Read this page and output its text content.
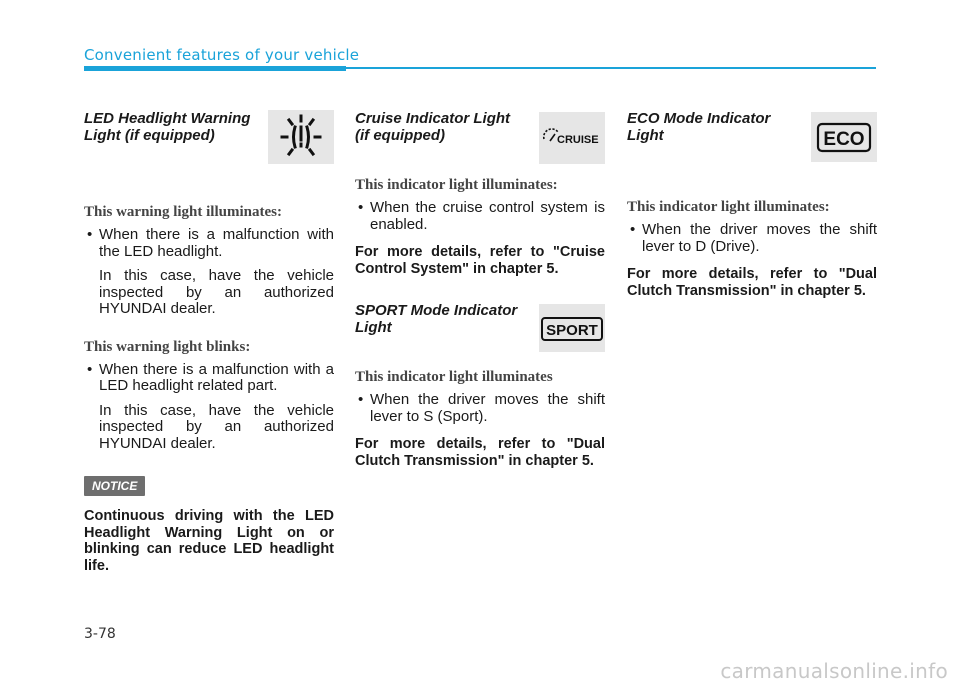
Convenient features of your vehicle
LED Headlight Warning Light (if equipped)

This warning light illuminates:

• When there is a malfunction with the LED headlight.

In this case, have the vehicle inspected by an authorized HYUNDAI dealer.

This warning light blinks:

• When there is a malfunction with a LED headlight related part.

In this case, have the vehicle inspected by an authorized HYUNDAI dealer.

NOTICE

Continuous driving with the LED Headlight Warning Light on or blinking can reduce LED headlight life.

Cruise Indicator Light (if equipped)	CRUISE

This indicator light illuminates:

• When the cruise control system is enabled.

For more details, refer to "Cruise Control System" in chapter 5.

SPORT Mode Indicator Light	SPORT

This indicator light illuminates

• When the driver moves the shift lever to S (Sport).

For more details, refer to "Dual Clutch Transmission" in chapter 5.

ECO Mode Indicator Light	ECO

This indicator light illuminates:

• When the driver moves the shift lever to D (Drive).

For more details, refer to "Dual Clutch Transmission" in chapter 5.

3-78
carmanualsonline.info
